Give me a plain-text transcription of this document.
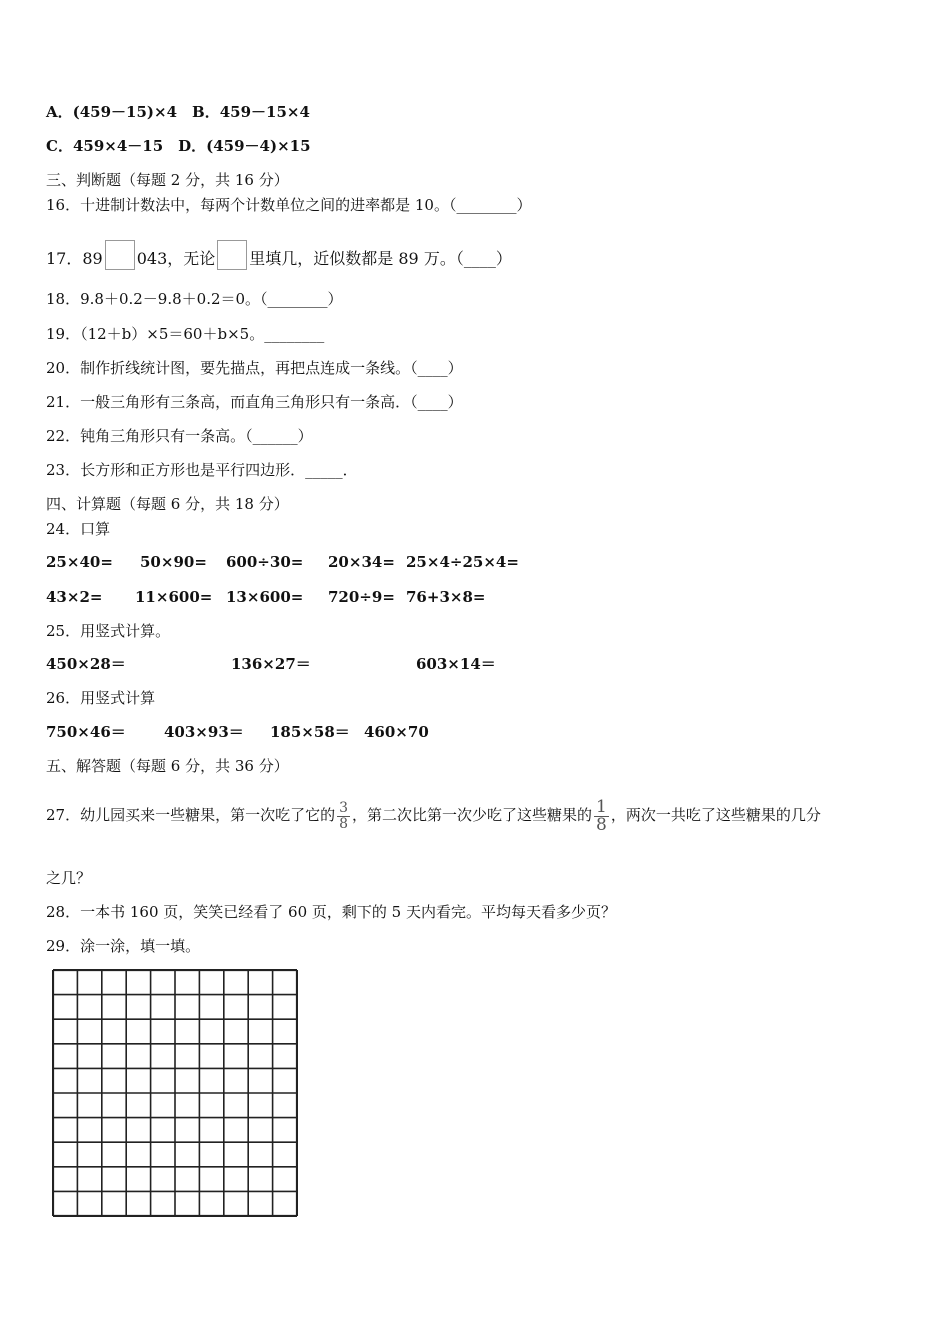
A．(459－15)×4　B．459－15×4
C．459×4－15　D．(459－4)×15
三、判断题（每题 2 分，共 16 分）
16．十进制计数法中，每两个计数单位之间的进率都是 10。（________）
17．89 043，无论 里填几，近似数都是 89 万。（____）
18．9.8＋0.2－9.8＋0.2＝0。（________）
19．（12＋b）×5＝60＋b×5。________
20．制作折线统计图，要先描点，再把点连成一条线。（____）
21．一般三角形有三条高，而直角三角形只有一条高．（____）
22．钝角三角形只有一条高。（______）
23．长方形和正方形也是平行四边形．_____．
四、计算题（每题 6 分，共 18 分）
24．口算
25×40= 50×90= 600÷30= 20×34= 25×4÷25×4=
43×2= 11×600= 13×600= 720÷9= 76+3×8=
25．用竖式计算。
450×28＝	136×27＝	603×14＝
26．用竖式计算
750×46＝	403×93＝ 185×58＝ 460×70
五、解答题（每题 6 分，共 36 分）
27．幼儿园买来一些糖果，第一次吃了它的 $\frac{3}{8}$ ，第二次比第一次少吃了这些糖果的 $\frac{1}{8}$ ，两次一共吃了这些糖果的几分
之几？
28．一本书 160 页，笑笑已经看了 60 页，剩下的 5 天内看完。平均每天看多少页？
29．涂一涂，填一填。
